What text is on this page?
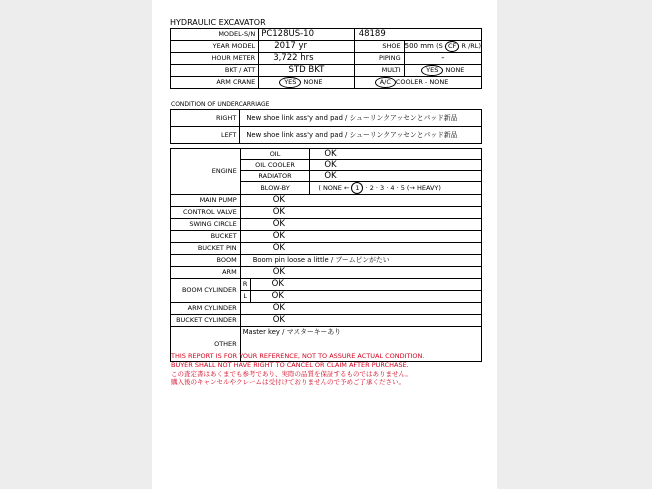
HYDRAULIC EXCAVATOR
MODEL-S/N	PC128US-10	48189	
YEAR MODEL	2017 yr	SHOE	500 mm (S CF R /RL)
HOUR METER	3,722 hrs	PIPING	-
BKT / ATT	STD BKT	MULTI	YES NONE
ARM CRANE	YES NONE	A/C COOLER - NONE	
CONDITION OF UNDERCARRIAGE
RIGHT	New shoe link ass'y and pad / シューリンクアッセンとパッド新品
LEFT	New shoe link ass'y and pad / シューリンクアッセンとパッド新品
ENGINE	OIL		OK
	OIL COOLER		OK
	RADIATOR		OK
	BLOW-BY		( NONE ← 1 · 2 · 3 · 4 · 5 (→ HEAVY)
MAIN PUMP	OK		
CONTROL VALVE	OK		
SWING CIRCLE	OK		
BUCKET	OK		
BUCKET PIN	OK		
BOOM	Boom pin loose a little / ブームピンがたい		
ARM	OK		
BOOM CYLINDER	R	OK	
	L	OK	
ARM CYLINDER	OK		
BUCKET CYLINDER	OK		
OTHER	Master key / マスターキーあり		
THIS REPORT IS FOR YOUR REFERENCE, NOT TO ASSURE ACTUAL CONDITION.
BUYER SHALL NOT HAVE RIGHT TO CANCEL OR CLAIM AFTER PURCHASE.
この査定書はあくまでも参考であり、実際の品質を保証するものではありません。
購入後のキャンセルやクレームは受付けておりませんので予めご了承ください。
